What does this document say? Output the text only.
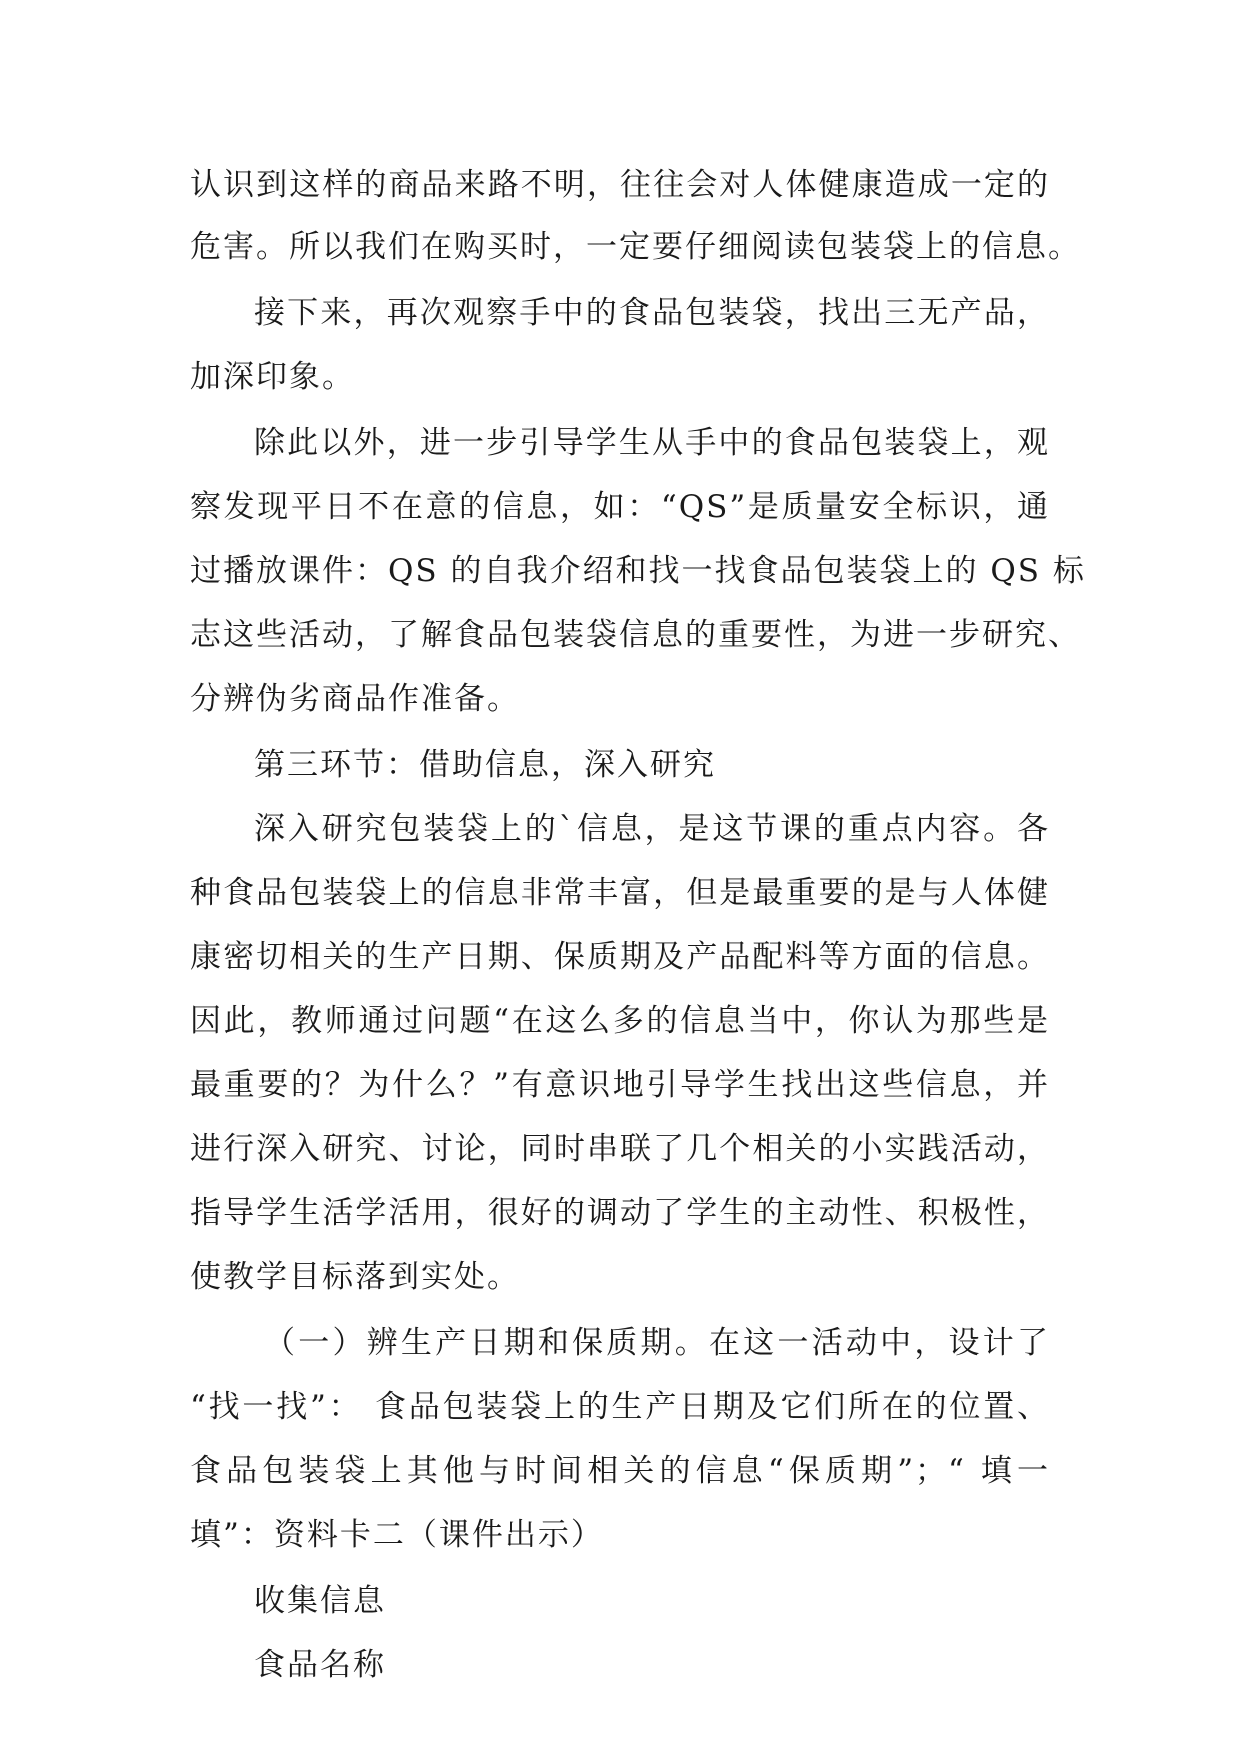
认识到这样的商品来路不明，往往会对人体健康造成一定的
危害。所以我们在购买时，一定要仔细阅读包装袋上的信息。
接下来，再次观察手中的食品包装袋，找出三无产品，
加深印象。
除此以外，进一步引导学生从手中的食品包装袋上，观
察发现平日不在意的信息，如：“QS”是质量安全标识，通
过播放课件：QS 的自我介绍和找一找食品包装袋上的 QS 标
志这些活动，了解食品包装袋信息的重要性，为进一步研究、
分辨伪劣商品作准备。
第三环节：借助信息，深入研究
深入研究包装袋上的`信息，是这节课的重点内容。各
种食品包装袋上的信息非常丰富，但是最重要的是与人体健
康密切相关的生产日期、保质期及产品配料等方面的信息。
因此，教师通过问题“在这么多的信息当中，你认为那些是
最重要的？为什么？”有意识地引导学生找出这些信息，并
进行深入研究、讨论，同时串联了几个相关的小实践活动，
指导学生活学活用，很好的调动了学生的主动性、积极性，
使教学目标落到实处。
（一）辨生产日期和保质期。在这一活动中，设计了
“找一找”： 食品包装袋上的生产日期及它们所在的位置、
食品包装袋上其他与时间相关的信息“保质期”；“ 填一
填”：资料卡二（课件出示）
收集信息
食品名称
